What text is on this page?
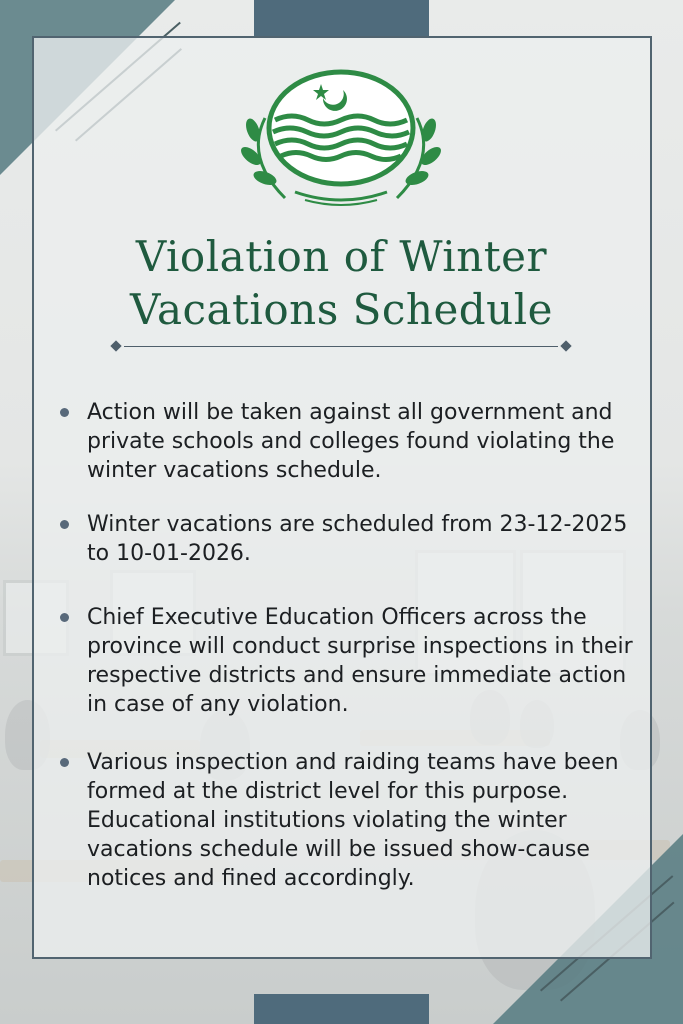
Violation of Winter
Vacations Schedule

Action will be taken against all government and private schools and colleges found violating the winter vacations schedule.

Winter vacations are scheduled from 23-12-2025 to 10-01-2026.

Chief Executive Education Officers across the province will conduct surprise inspections in their respective districts and ensure immediate action in case of any violation.

Various inspection and raiding teams have been formed at the district level for this purpose.

Educational institutions violating the winter vacations schedule will be issued show-cause notices and fined accordingly.
